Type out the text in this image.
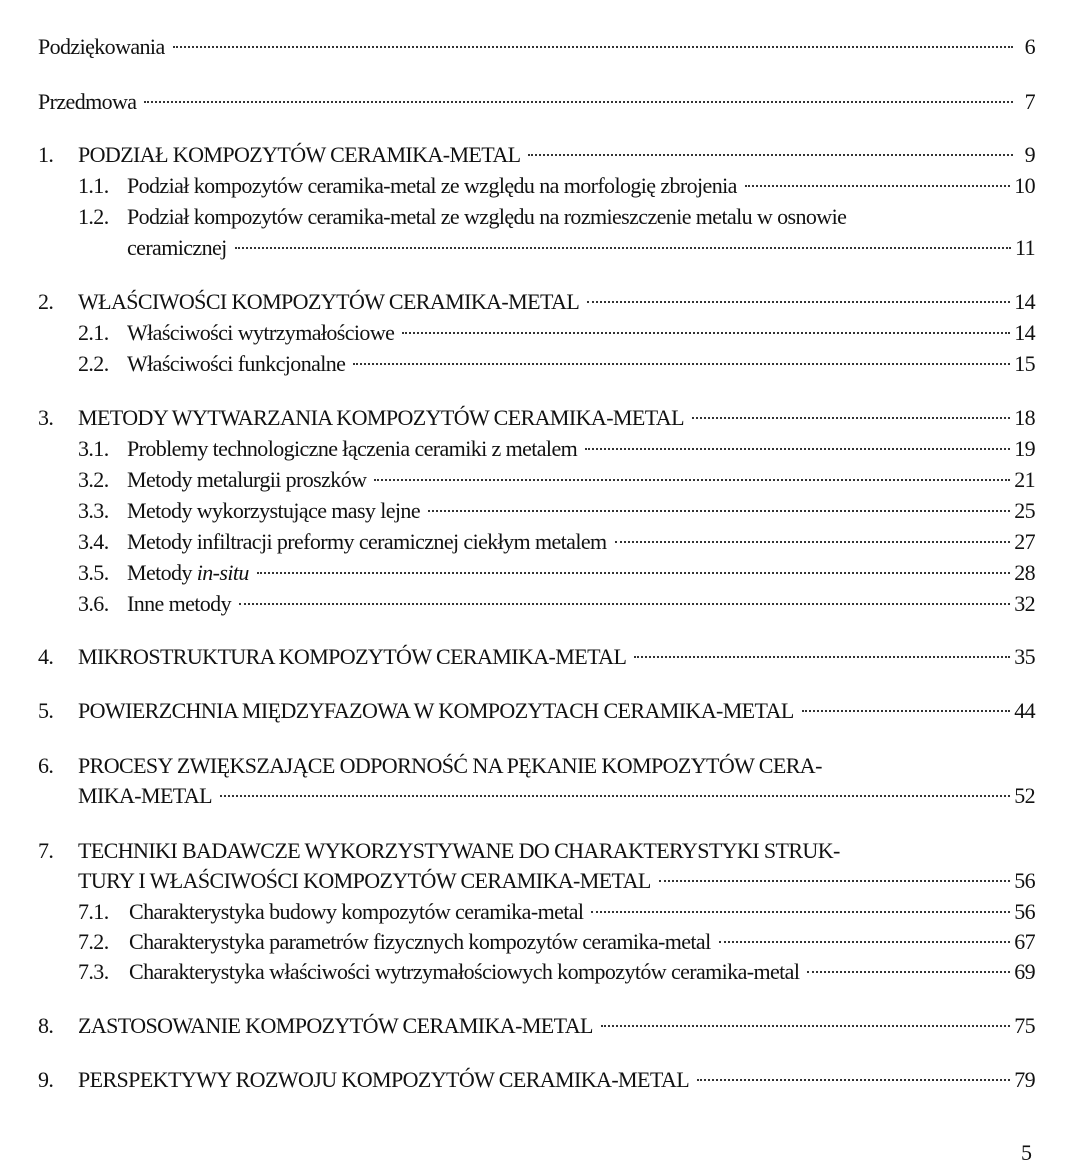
Podziękowania	6
Przedmowa	7
1. PODZIAŁ KOMPOZYTÓW CERAMIKA-METAL	9
1.1. Podział kompozytów ceramika-metal ze względu na morfologię zbrojenia	10
1.2. Podział kompozytów ceramika-metal ze względu na rozmieszczenie metalu w osnowie
ceramicznej	11
2. WŁAŚCIWOŚCI KOMPOZYTÓW CERAMIKA-METAL	14
2.1. Właściwości wytrzymałościowe	14
2.2. Właściwości funkcjonalne	15
3. METODY WYTWARZANIA KOMPOZYTÓW CERAMIKA-METAL	18
3.1. Problemy technologiczne łączenia ceramiki z metalem	19
3.2. Metody metalurgii proszków	21
3.3. Metody wykorzystujące masy lejne	25
3.4. Metody infiltracji preformy ceramicznej ciekłym metalem	27
3.5. Metody in-situ	28
3.6. Inne metody	32
4. MIKROSTRUKTURA KOMPOZYTÓW CERAMIKA-METAL	35
5. POWIERZCHNIA MIĘDZYFAZOWA W KOMPOZYTACH CERAMIKA-METAL	44
6. PROCESY ZWIĘKSZAJĄCE ODPORNOŚĆ NA PĘKANIE KOMPOZYTÓW CERA-
MIKA-METAL	52
7. TECHNIKI BADAWCZE WYKORZYSTYWANE DO CHARAKTERYSTYKI STRUK-
TURY I WŁAŚCIWOŚCI KOMPOZYTÓW CERAMIKA-METAL	56
7.1. Charakterystyka budowy kompozytów ceramika-metal	56
7.2. Charakterystyka parametrów fizycznych kompozytów ceramika-metal	67
7.3. Charakterystyka właściwości wytrzymałościowych kompozytów ceramika-metal	69
8. ZASTOSOWANIE KOMPOZYTÓW CERAMIKA-METAL	75
9. PERSPEKTYWY ROZWOJU KOMPOZYTÓW CERAMIKA-METAL	79
5
